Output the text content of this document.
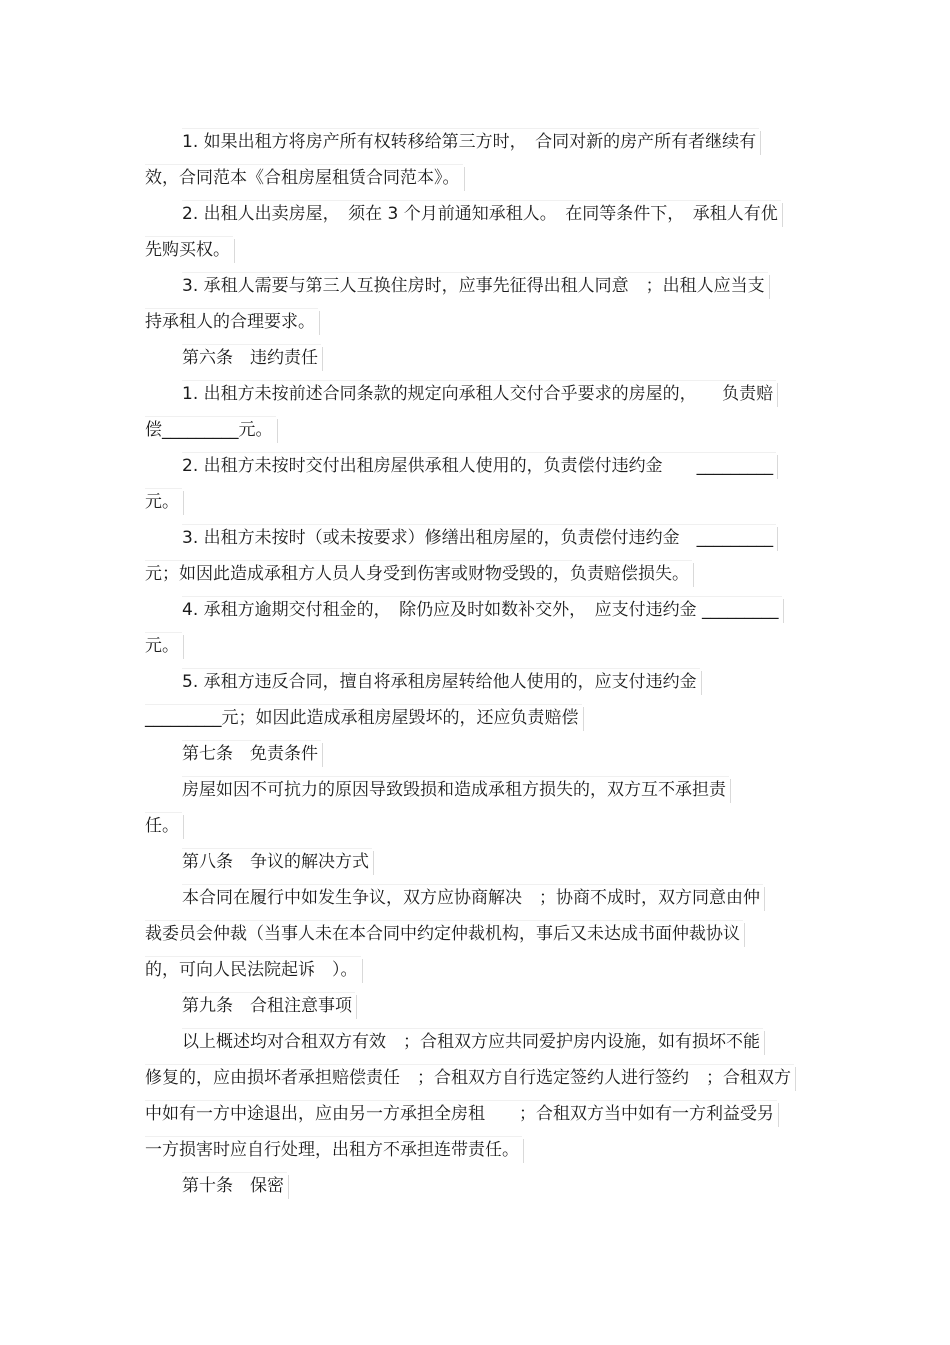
1. 如果出租方将房产所有权转移给第三方时，　合同对新的房产所有者继续有
效，合同范本《合租房屋租赁合同范本》。
2. 出租人出卖房屋，　须在 3 个月前通知承租人。　在同等条件下，　承租人有优
先购买权。
3. 承租人需要与第三人互换住房时，应事先征得出租人同意　；出租人应当支
持承租人的合理要求。
第六条　违约责任
1. 出租方未按前述合同条款的规定向承租人交付合乎要求的房屋的，　　负责赔
偿_________元。
2. 出租方未按时交付出租房屋供承租人使用的，负责偿付违约金　　_________
元。
3. 出租方未按时（或未按要求）修缮出租房屋的，负责偿付违约金　_________
元；如因此造成承租方人员人身受到伤害或财物受毁的，负责赔偿损失。
4. 承租方逾期交付租金的，　除仍应及时如数补交外，　应支付违约金 _________
元。
5. 承租方违反合同，擅自将承租房屋转给他人使用的，应支付违约金
_________元；如因此造成承租房屋毁坏的，还应负责赔偿
第七条　免责条件
房屋如因不可抗力的原因导致毁损和造成承租方损失的，双方互不承担责
任。
第八条　争议的解决方式
本合同在履行中如发生争议，双方应协商解决　；协商不成时，双方同意由仲
裁委员会仲裁（当事人未在本合同中约定仲裁机构，事后又未达成书面仲裁协议
的，可向人民法院起诉　）。
第九条　合租注意事项
以上概述均对合租双方有效　；合租双方应共同爱护房内设施，如有损坏不能
修复的，应由损坏者承担赔偿责任　；合租双方自行选定签约人进行签约　；合租双方
中如有一方中途退出，应由另一方承担全房租　　；合租双方当中如有一方利益受另
一方损害时应自行处理，出租方不承担连带责任。
第十条　保密
